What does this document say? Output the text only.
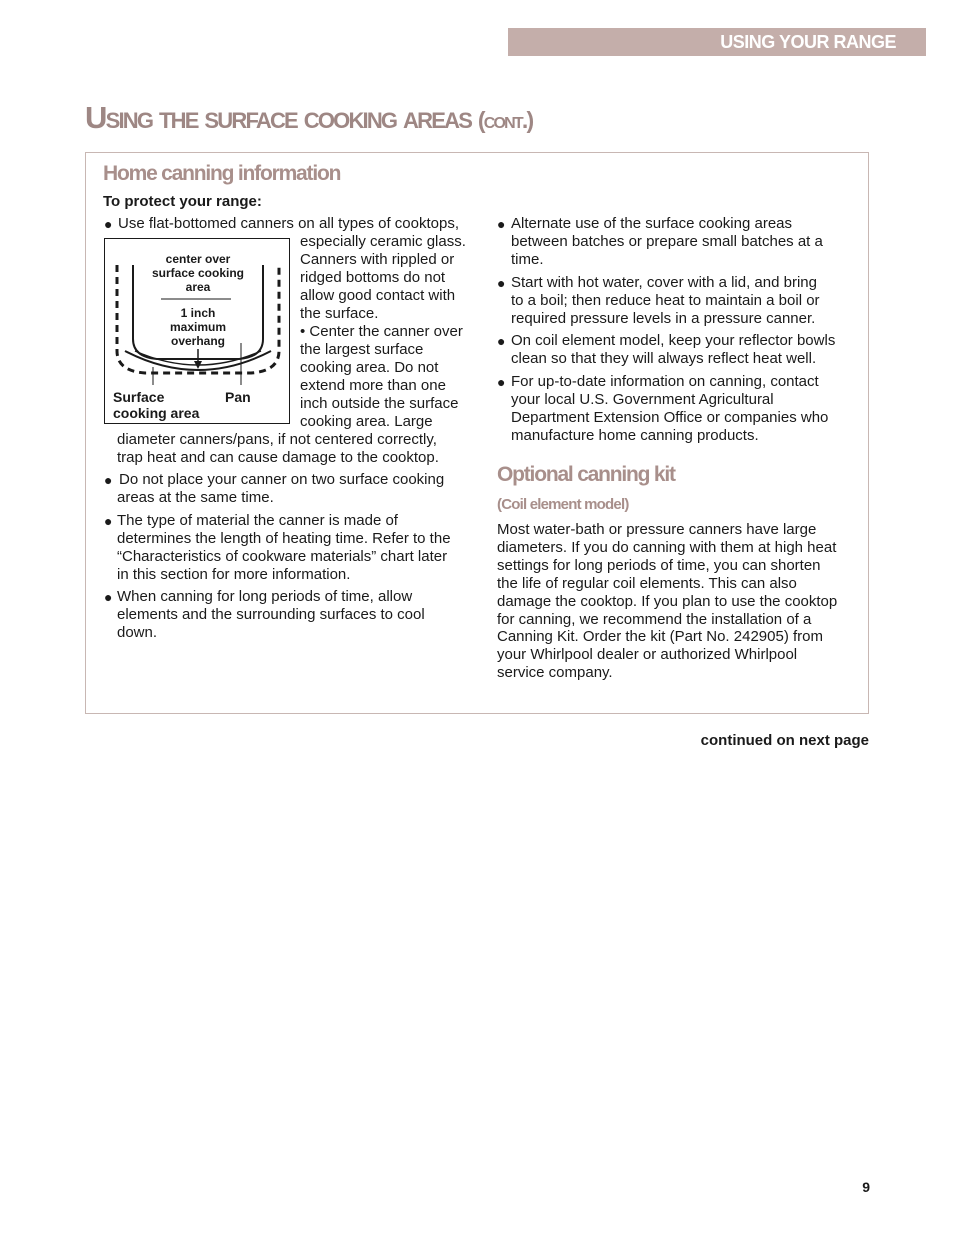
USING YOUR RANGE
Using the surface cooking areas (cont.)
Home canning information
To protect your range:
● Use flat-bottomed canners on all types of cooktops,
especially ceramic glass.
Canners with rippled or
ridged bottoms do not
allow good contact with
the surface.
• Center the canner over
the largest surface
cooking area. Do not
extend more than one
inch outside the surface
cooking area. Large
center over
surface cooking
area
1 inch
maximum
overhang
Surface
cooking area
Pan
diameter canners/pans, if not centered correctly,
trap heat and can cause damage to the cooktop.
● Do not place your canner on two surface cooking
areas at the same time.
● The type of material the canner is made of
determines the length of heating time. Refer to the
“Characteristics of cookware materials” chart later
in this section for more information.
● When canning for long periods of time, allow
elements and the surrounding surfaces to cool
down.
● Alternate use of the surface cooking areas
between batches or prepare small batches at a
time.
● Start with hot water, cover with a lid, and bring
to a boil; then reduce heat to maintain a boil or
required pressure levels in a pressure canner.
● On coil element model, keep your reflector bowls
clean so that they will always reflect heat well.
● For up-to-date information on canning, contact
your local U.S. Government Agricultural
Department Extension Office or companies who
manufacture home canning products.
Optional canning kit
(Coil element model)
Most water-bath or pressure canners have large
diameters. If you do canning with them at high heat
settings for long periods of time, you can shorten
the life of regular coil elements. This can also
damage the cooktop. If you plan to use the cooktop
for canning, we recommend the installation of a
Canning Kit. Order the kit (Part No. 242905) from
your Whirlpool dealer or authorized Whirlpool
service company.
continued on next page
9
